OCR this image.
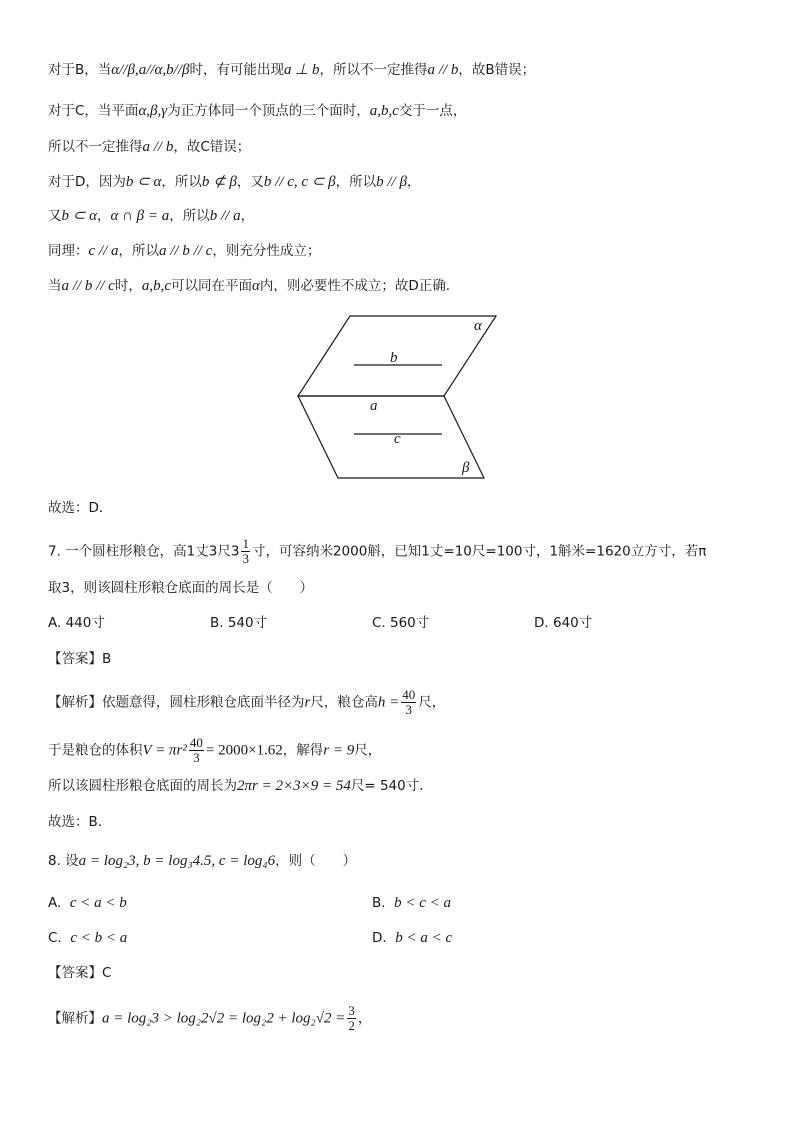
对于B，当α//β,a//α,b//β时，有可能出现a ⊥ b，所以不一定推得a // b，故B错误；
对于C，当平面α,β,γ为正方体同一个顶点的三个面时，a,b,c交于一点，
所以不一定推得a // b，故C错误；
对于D，因为b ⊂ α，所以b ⊄ β，又b // c, c ⊂ β，所以b // β，
又b ⊂ α，α ∩ β = a，所以b // a，
同理：c // a，所以a // b // c，则充分性成立；
当a // b // c时，a,b,c可以同在平面α内，则必要性不成立；故D正确.
α
b
a
c
β
故选：D.
7. 一个圆柱形粮仓，高1丈3尺$3 \frac{1}{3}$ 寸，可容纳米2000斛，已知1丈=10尺=100寸，1斛米=1620立方寸，若π
取3，则该圆柱形粮仓底面的周长是（　　）
A. 440寸	B. 540寸	C. 560寸	D. 640寸
【答案】B
【解析】依题意得，圆柱形粮仓底面半径为r尺，粮仓高$h = \frac{40}{3}$ 尺，
于是粮仓的体积$V = \pi r^2 \frac{40}{3} = 2000\times 1.62$，解得r = 9尺，
所以该圆柱形粮仓底面的周长为2πr = 2×3×9 = 54尺= 540寸.
故选：B.
8. 设a = log₂3, b = log₃4.5, c = log₄6，则（　　）
A. c < a < b	B. b < c < a
C. c < b < a	D. b < a < c
【答案】C
【解析】$a = \log_23 > \log_22√2 = \log_22 + \log_2√2 = \frac{3}{2}$ ，
